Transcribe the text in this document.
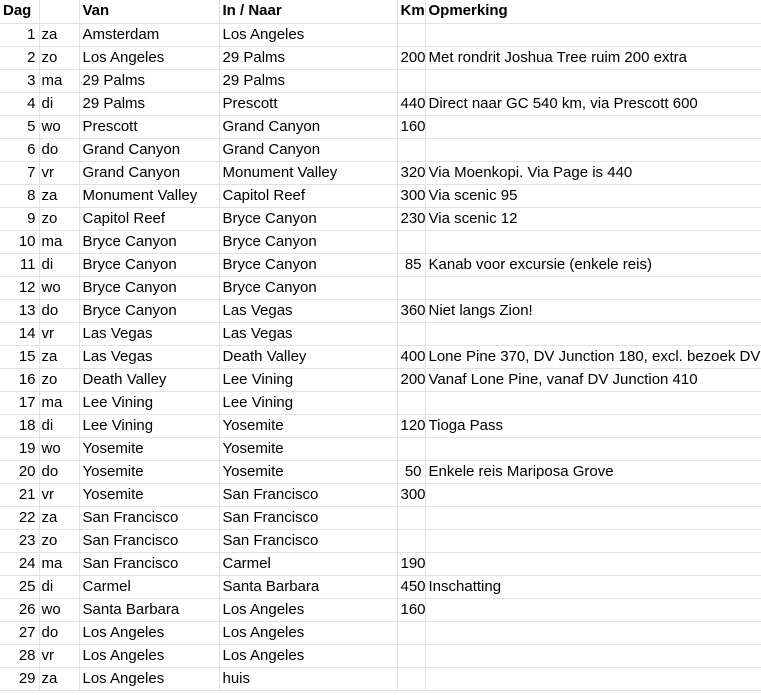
Dag		Van	In / Naar	Km	Opmerking
1	za	Amsterdam	Los Angeles		
2	zo	Los Angeles	29 Palms	200	Met rondrit Joshua Tree ruim 200 extra
3	ma	29 Palms	29 Palms		
4	di	29 Palms	Prescott	440	Direct naar GC 540 km, via Prescott 600
5	wo	Prescott	Grand Canyon	160	
6	do	Grand Canyon	Grand Canyon		
7	vr	Grand Canyon	Monument Valley	320	Via Moenkopi. Via Page is 440
8	za	Monument Valley	Capitol Reef	300	Via scenic 95
9	zo	Capitol Reef	Bryce Canyon	230	Via scenic 12
10	ma	Bryce Canyon	Bryce Canyon		
11	di	Bryce Canyon	Bryce Canyon	85	Kanab voor excursie (enkele reis)
12	wo	Bryce Canyon	Bryce Canyon		
13	do	Bryce Canyon	Las Vegas	360	Niet langs Zion!
14	vr	Las Vegas	Las Vegas		
15	za	Las Vegas	Death Valley	400	Lone Pine 370, DV Junction 180, excl. bezoek DV
16	zo	Death Valley	Lee Vining	200	Vanaf Lone Pine, vanaf DV Junction 410
17	ma	Lee Vining	Lee Vining		
18	di	Lee Vining	Yosemite	120	Tioga Pass
19	wo	Yosemite	Yosemite		
20	do	Yosemite	Yosemite	50	Enkele reis Mariposa Grove
21	vr	Yosemite	San Francisco	300	
22	za	San Francisco	San Francisco		
23	zo	San Francisco	San Francisco		
24	ma	San Francisco	Carmel	190	
25	di	Carmel	Santa Barbara	450	Inschatting
26	wo	Santa Barbara	Los Angeles	160	
27	do	Los Angeles	Los Angeles		
28	vr	Los Angeles	Los Angeles		
29	za	Los Angeles	huis		
